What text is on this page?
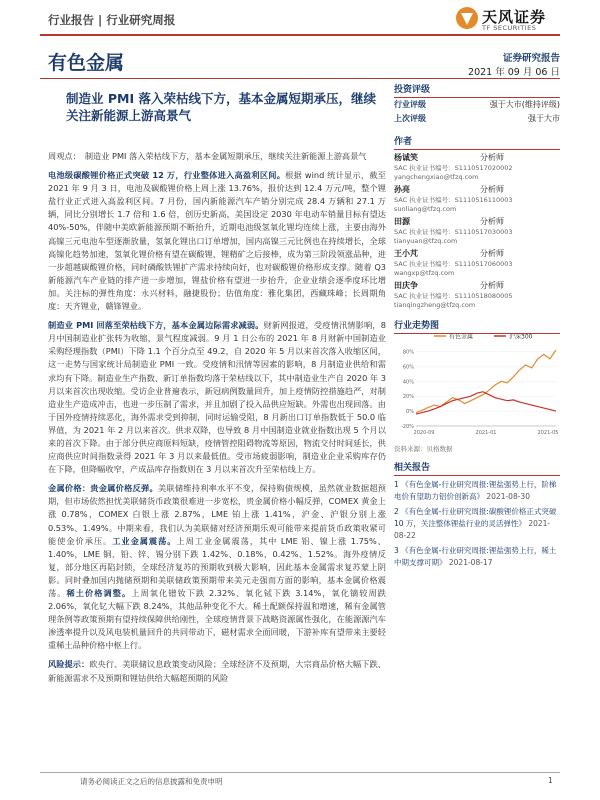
行业报告 | 行业研究周报	天风证券
TF SECURITIES
有色金属	证券研究报告
2021 年 09 月 06 日
制造业 PMI 落入荣枯线下方，基本金属短期承压，继续关注新能源上游高景气
投资评级
行业评级	强于大市(维持评级)
上次评级	强于大市
作者
杨诚笑	分析师
SAC 执业证书编号：S1110517020002
yangchengxiao@tfzq.com
孙亮	分析师
SAC 执业证书编号：S1110516110003
sunliang@tfzq.com
田源	分析师
SAC 执业证书编号：S1110517030003
tianyuan@tfzq.com
王小芃	分析师
SAC 执业证书编号：S1110517060003
wangxp@tfzq.com
田庆争	分析师
SAC 执业证书编号：S1110518080005
tianqingzheng@tfzq.com
行业走势图
有色金属	沪深300
-20%
0%
20%
40%
60%
80%
2020-09	2021-01	2021-05
资料来源：贝格数据
相关报告
1 《有色金属-行业研究周报:锂盐强势上行，阶梯电价有望助力铝价创新高》 2021-08-30
2 《有色金属-行业研究周报:碳酸锂价格正式突破 10 万，关注整体锂盐行业的灵活弹性》 2021-08-22
3 《有色金属-行业研究周报:锂盐强势上行，稀土中期支撑可期》 2021-08-17

周观点：　制造业 PMI 落入荣枯线下方，基本金属短期承压，继续关注新能源上游高景气

电池级碳酸锂价格正式突破 12 万，行业整体进入高盈利区间。根据 wind 统计显示，截至 2021 年 9 月 3 日，电池及碳酸锂价格上周上涨 13.76%，报价达到 12.4 万元/吨，整个锂盐行业正式进入高盈利区间。7 月份，国内新能源汽车产销分别完成 28.4 万辆和 27.1 万辆，同比分别增长 1.7 倍和 1.6 倍，创历史新高，美国设定 2030 年电动车销量目标有望达 40%-50%，伴随中美欧新能源预期不断抬升，近期电池级氢氧化锂均连续上涨，主要由海外高镍三元电池车型逐渐放量，氢氧化锂出口订单增加，国内高镍三元比例也在持续增长，全球高镍化趋势加速，氢氧化锂价格有望在碳酸锂、锂精矿之后接棒，成为第三阶段领涨品种，进一步超越碳酸锂价格，同时磷酸铁锂扩产需求持续向好，也对碳酸锂价格形成支撑。随着 Q3 新能源汽车产业链的排产进一步增加，锂盐价格有望进一步抬升，企业业绩会逐季度环比增加。关注标的弹性角度：永兴材料，融捷股份；估值角度：雅化集团，西藏珠峰；长周期角度：天齐锂业，赣锋锂业。

制造业 PMI 回落至荣枯线下方，基本金属边际需求减弱。财新网报道，受疫情汛情影响，8 月中国制造业扩张转为收缩，景气程度减弱。9 月 1 日公布的 2021 年 8 月财新中国制造业采购经理指数（PMI）下降 1.1 个百分点至 49.2，自 2020 年 5 月以来首次落入收缩区间，这一走势与国家统计局制造业 PMI 一致。受疫情和汛情等因素的影响，8 月制造业供给和需求均有下降。制造业生产指数、新订单指数均落于荣枯线以下，其中制造业生产自 2020 年 3 月以来首次出现收缩。受访企业普遍表示，新冠病例数量回升，加上疫情防控措施趋严，对制造业生产造成冲击，也进一步压制了需求，并且加剧了投入品供应短缺。外需也出现回落。由于国外疫情持续恶化，海外需求受到抑制，同时运输受阻，8 月新出口订单指数低于 50.0 临界值，为 2021 年 2 月以来首次。供求双降，也导致 8 月中国制造业就业指数出现 5 个月以来的首次下降。由于部分供应商原料短缺，疫情管控阻碍物流等原因，物流交付时间延长，供应商供应时间指数录得 2021 年 3 月以来最低值。受市场疲弱影响，制造业企业采购库存仍在下降，但降幅收窄，产成品库存指数则在 3 月以来首次升至荣枯线上方。

金属价格：贵金属价格反弹。美联储维持利率水平不变，保持购债规模，虽然就业数据超预期，但市场依然担忧美联储货币政策很难进一步宽松，贵金属价格小幅反弹，COMEX 黄金上涨 0.78%，COMEX 白银上涨 2.87%，LME 铂上涨 1.41%，沪金、沪银分别上涨 0.53%、1.49%。中期来看，我们认为美联储对经济预期乐观可能带来提前货币政策收紧可能使金价承压。工业金属震荡。上周工业金属震荡，其中 LME 铝、镍上涨 1.75%、1.40%，LME 铜、铅、锌、锡分别下跌 1.42%、0.18%、0.42%、1.52%。海外疫情反复，部分地区再陷封锁，全球经济复苏的预期收到极大影响，因此基本金属需求复苏蒙上阴影。同时叠加国内抛储预期和美联储政策预期带来美元走强而方面的影响，基本金属价格震荡。稀土价格调整。上周氧化镨钕下跌 2.32%、氧化铽下跌 3.14%，氧化镝较周跌 2.06%，氧化钇大幅下跌 8.24%，其他品种变化不大。稀土配额保持温和增速，稀有金属管理条例等政策预期有望持续保障供给刚性，全球疫情背景下战略资源属性强化，在能源源汽车渗透率提升以及风电装机量回升的共同带动下，磁材需求全面回暖，下游补库有望带来主要轻重稀土品种价格中枢上行。

风险提示：欧央行、美联储议息政策变动风险；全球经济不及预期，大宗商品价格大幅下跌、新能源需求不及预期和锂钴供给大幅超预期的风险

请务必阅读正文之后的信息披露和免责申明	1
